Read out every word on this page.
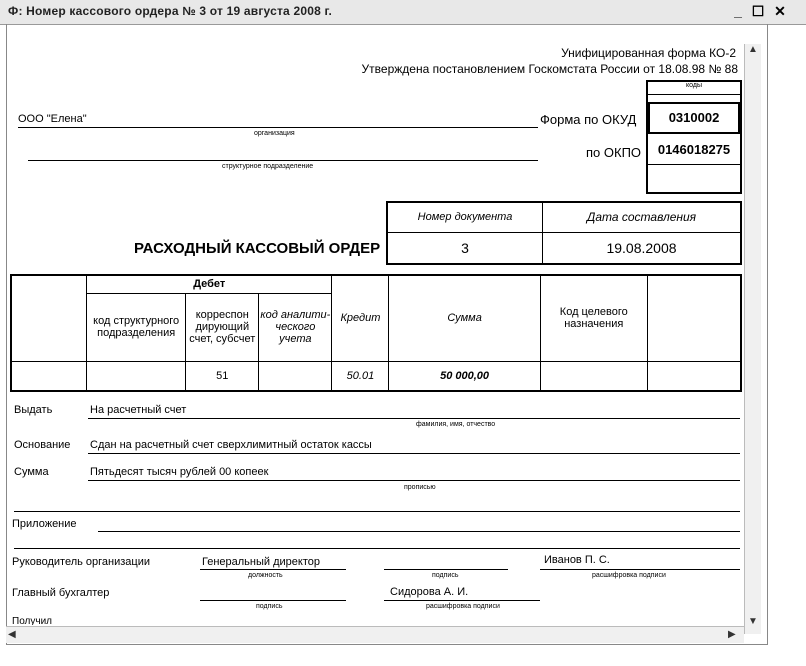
Ф: Номер кассового ордера № 3 от 19 августа 2008 г.	_ ☐ ✕
Унифицированная форма КО-2
Утверждена постановлением Госкомстата России от 18.08.98 № 88
коды
0310002
0146018275
Форма по ОКУД
по ОКПО
ООО "Елена"
организация
структурное подразделение
Номер документа	Дата составления
3	19.08.2008
РАСХОДНЫЙ КАССОВЫЙ ОРДЕР
	Дебет			Кредит	Сумма	Код целевого назначения	
	код структурного подразделения	корреспон дирующий счет, субсчет	код аналити-ческого учета				
		51		50.01	50 000,00		
Выдать	На расчетный счет
фамилия, имя, отчество
Основание Сдан на расчетный счет сверхлимитный остаток кассы
Сумма	Пятьдесят тысяч рублей 00 копеек
прописью
Приложение
Руководитель организации	Генеральный директор
должность	подпись
Иванов П. С.
расшифровка подписи
Главный бухгалтер
подпись
Сидорова А. И.
расшифровка подписи
Получил
▲
▼
◀	▶
